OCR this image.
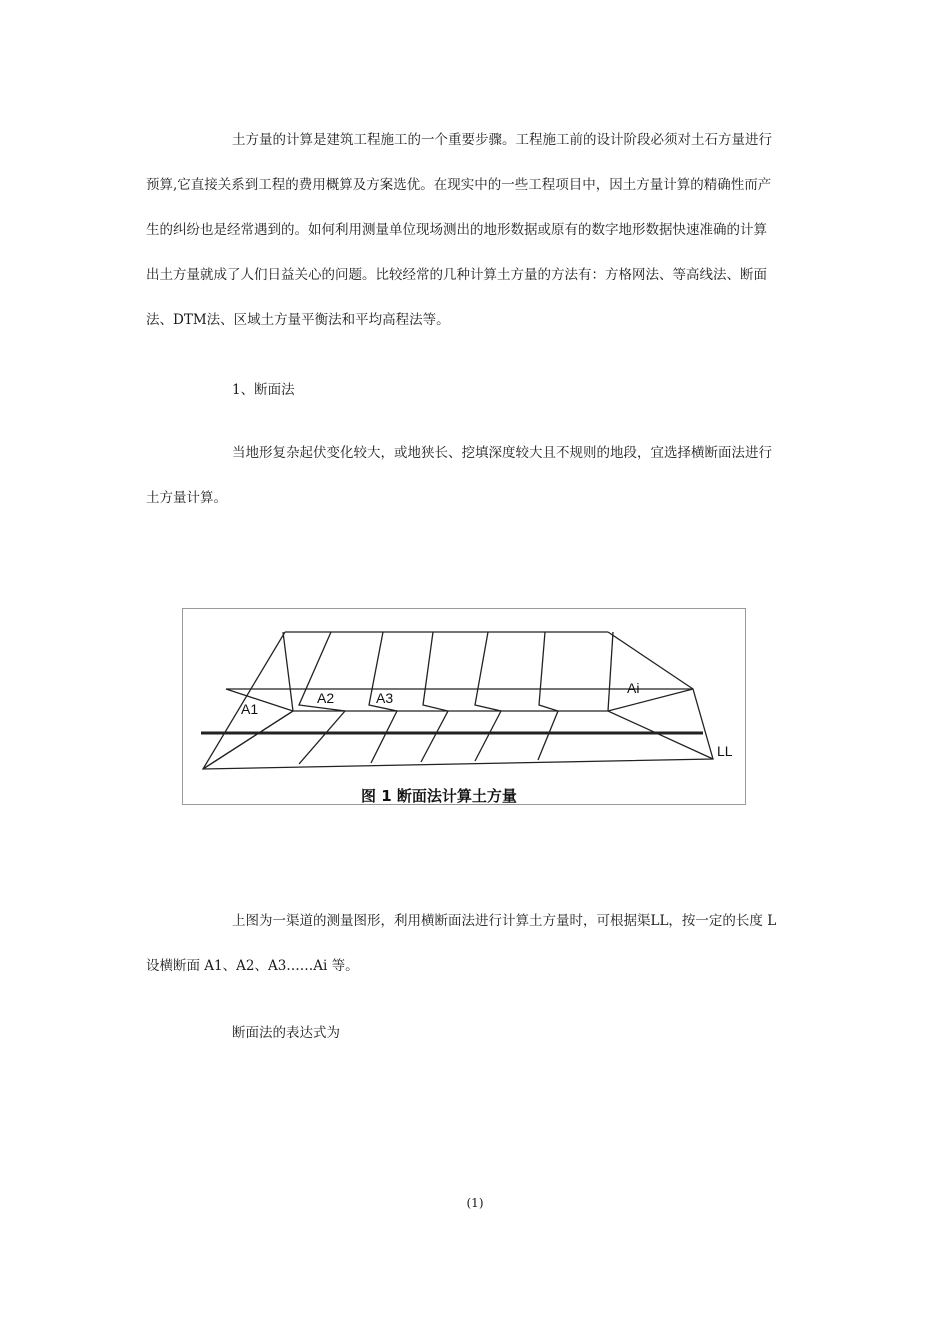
土方量的计算是建筑工程施工的一个重要步骤。工程施工前的设计阶段必须对土石方量进行
预算,它直接关系到工程的费用概算及方案选优。在现实中的一些工程项目中，因土方量计算的精确性而产
生的纠纷也是经常遇到的。如何利用测量单位现场测出的地形数据或原有的数字地形数据快速准确的计算
出土方量就成了人们日益关心的问题。比较经常的几种计算土方量的方法有：方格网法、等高线法、断面
法、DTM法、区域土方量平衡法和平均高程法等。

1、断面法

当地形复杂起伏变化较大，或地狭长、挖填深度较大且不规则的地段，宜选择横断面法进行
土方量计算。

A1
A2	A3
Ai
LL
图 1 断面法计算土方量

上图为一渠道的测量图形，利用横断面法进行计算土方量时，可根据渠LL，按一定的长度 L
设横断面 A1、A2、A3……Ai 等。

断面法的表达式为

(1)
